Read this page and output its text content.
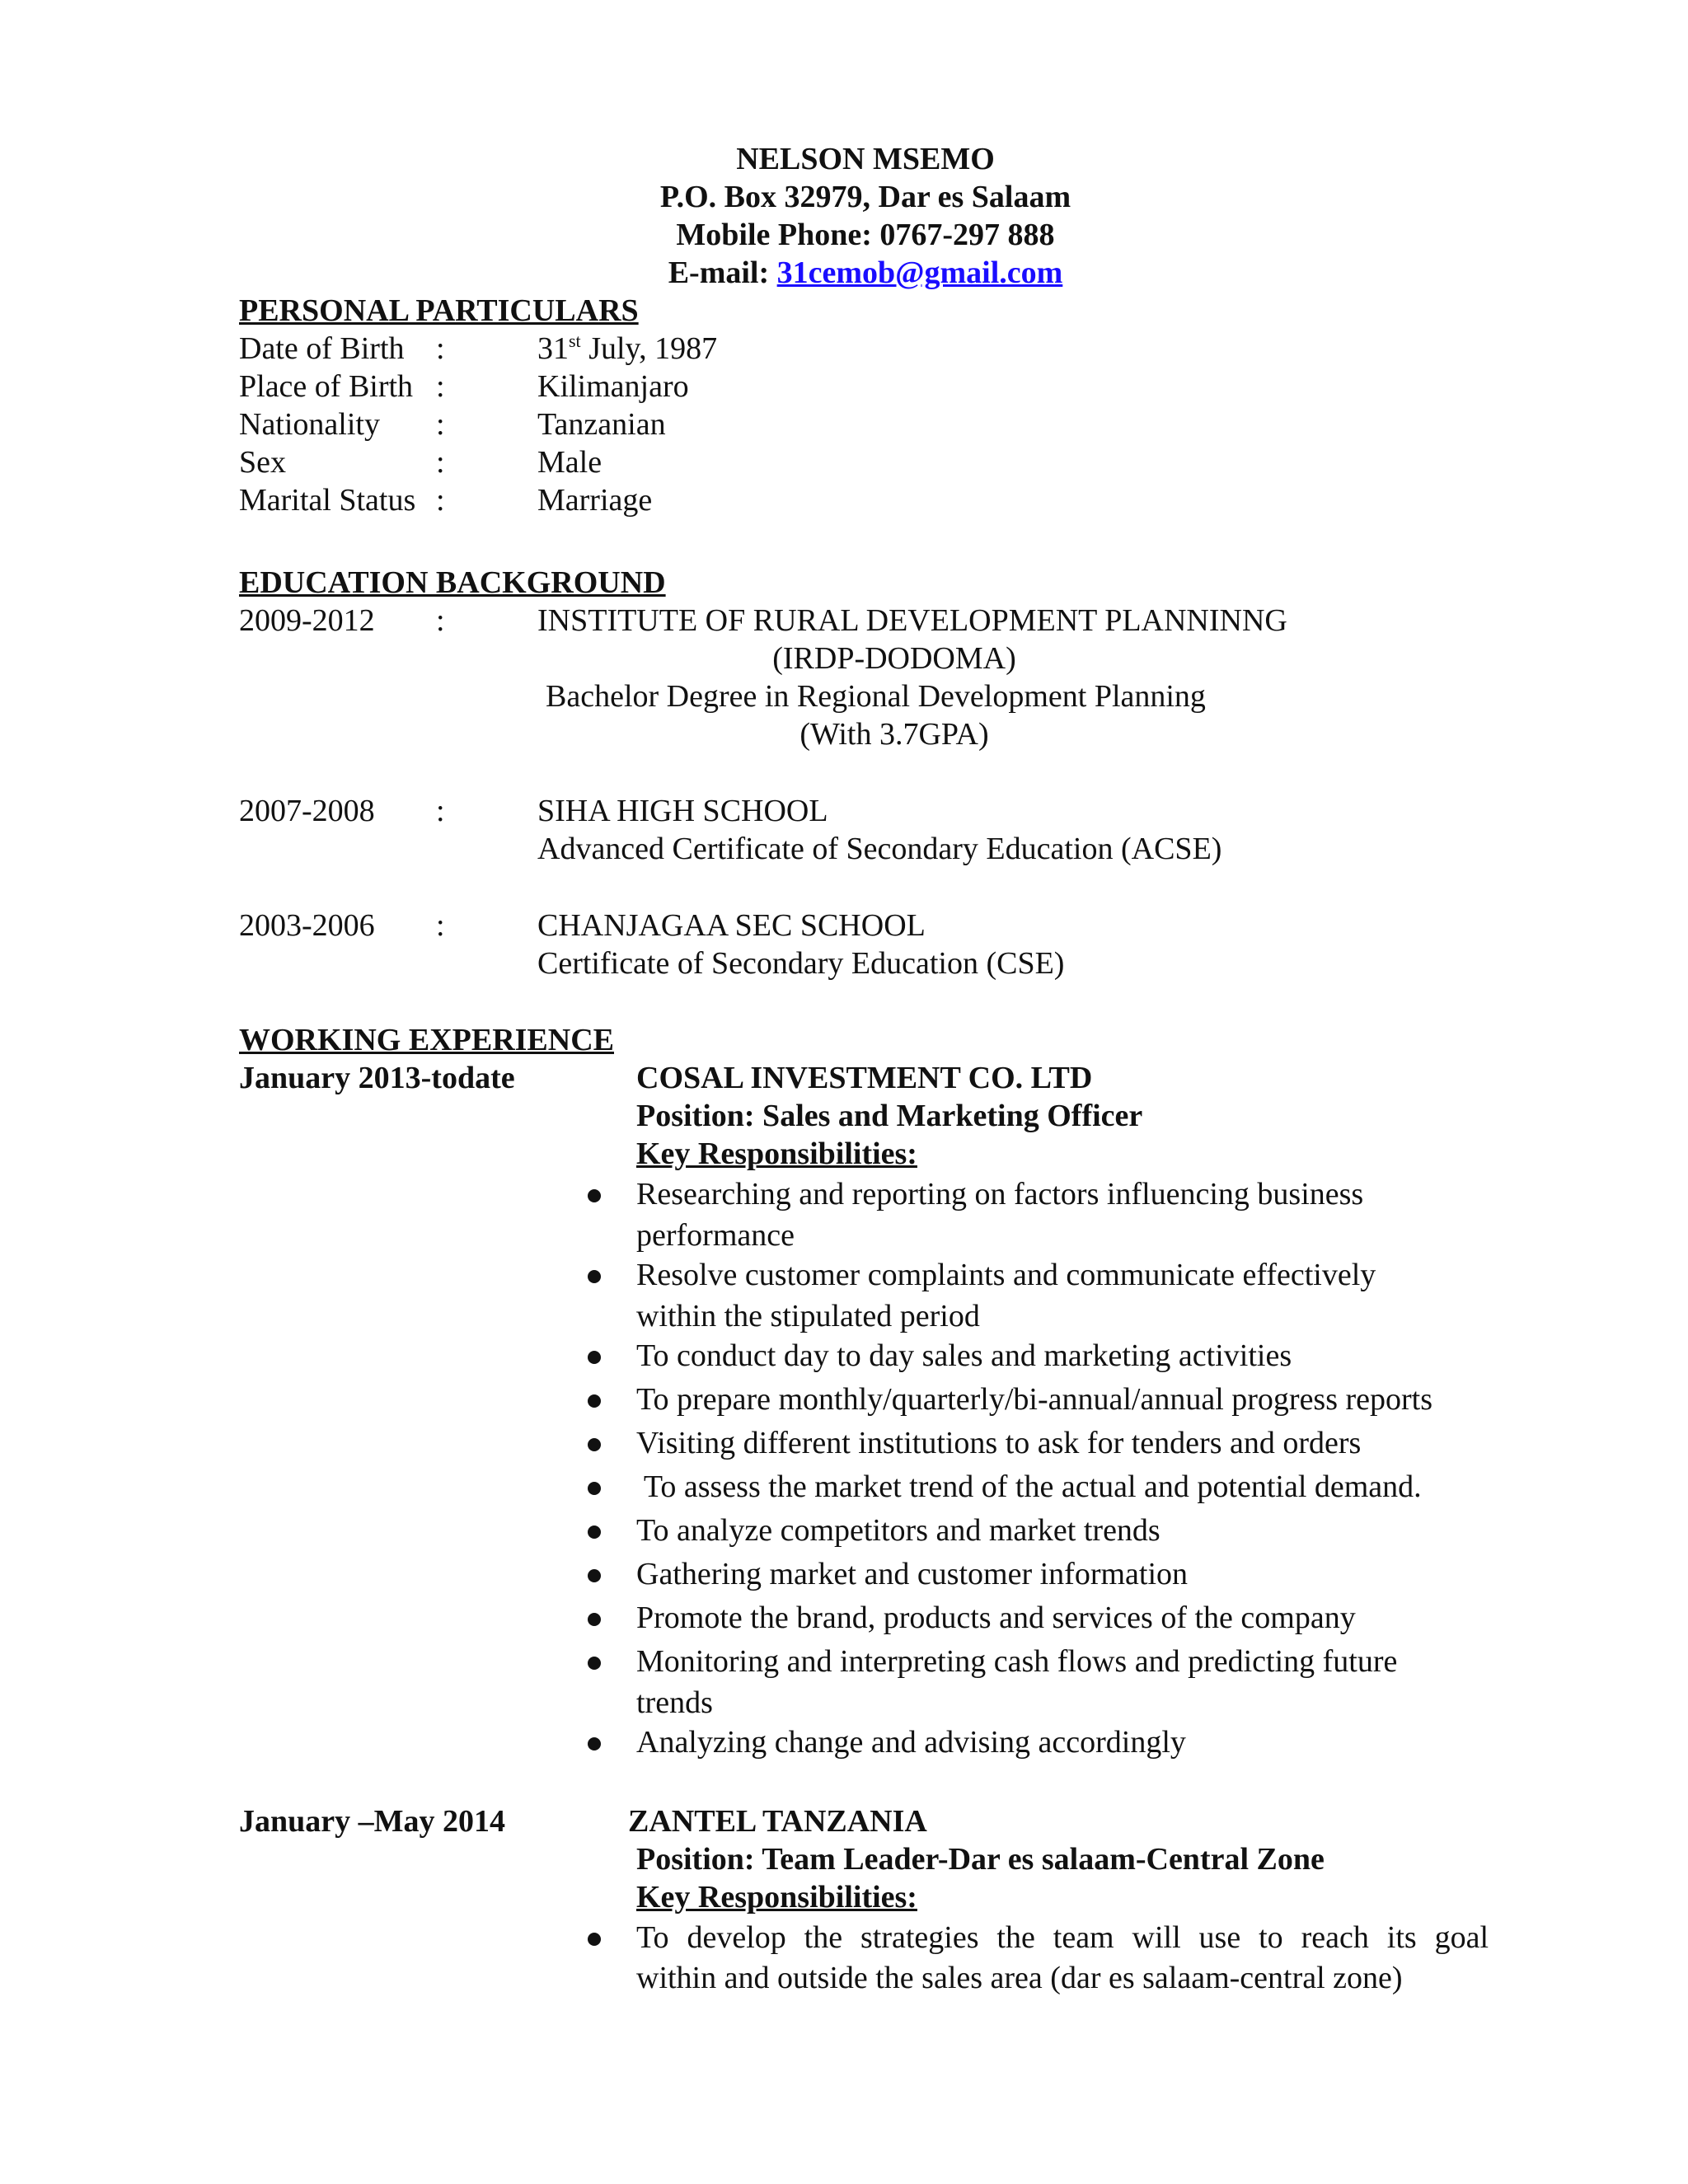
NELSON MSEMO
P.O. Box 32979, Dar es Salaam
Mobile Phone: 0767-297 888
E-mail: 31cemob@gmail.com
PERSONAL PARTICULARS
Date of Birth :	31st July, 1987
Place of Birth :	Kilimanjaro
Nationality :	Tanzanian
Sex	:	Male
Marital Status :	Marriage
EDUCATION BACKGROUND
2009-2012 :	INSTITUTE OF RURAL DEVELOPMENT PLANNINNG
(IRDP-DODOMA)
Bachelor Degree in Regional Development Planning
(With 3.7GPA)
2007-2008 :	SIHA HIGH SCHOOL
Advanced Certificate of Secondary Education (ACSE)
2003-2006 :	CHANJAGAA SEC SCHOOL
Certificate of Secondary Education (CSE)
WORKING EXPERIENCE
January 2013-todate	COSAL INVESTMENT CO. LTD
Position: Sales and Marketing Officer
Key Responsibilities:
Researching and reporting on factors influencing business
performance
Resolve customer complaints and communicate effectively
within the stipulated period
To conduct day to day sales and marketing activities
To prepare monthly/quarterly/bi-annual/annual progress reports
Visiting different institutions to ask for tenders and orders
To assess the market trend of the actual and potential demand.
To analyze competitors and market trends
Gathering market and customer information
Promote the brand, products and services of the company
Monitoring and interpreting cash flows and predicting future
trends
Analyzing change and advising accordingly
January –May 2014	ZANTEL TANZANIA
Position: Team Leader-Dar es salaam-Central Zone
Key Responsibilities:
To develop the strategies the team will use to reach its goal
within and outside the sales area (dar es salaam-central zone)
